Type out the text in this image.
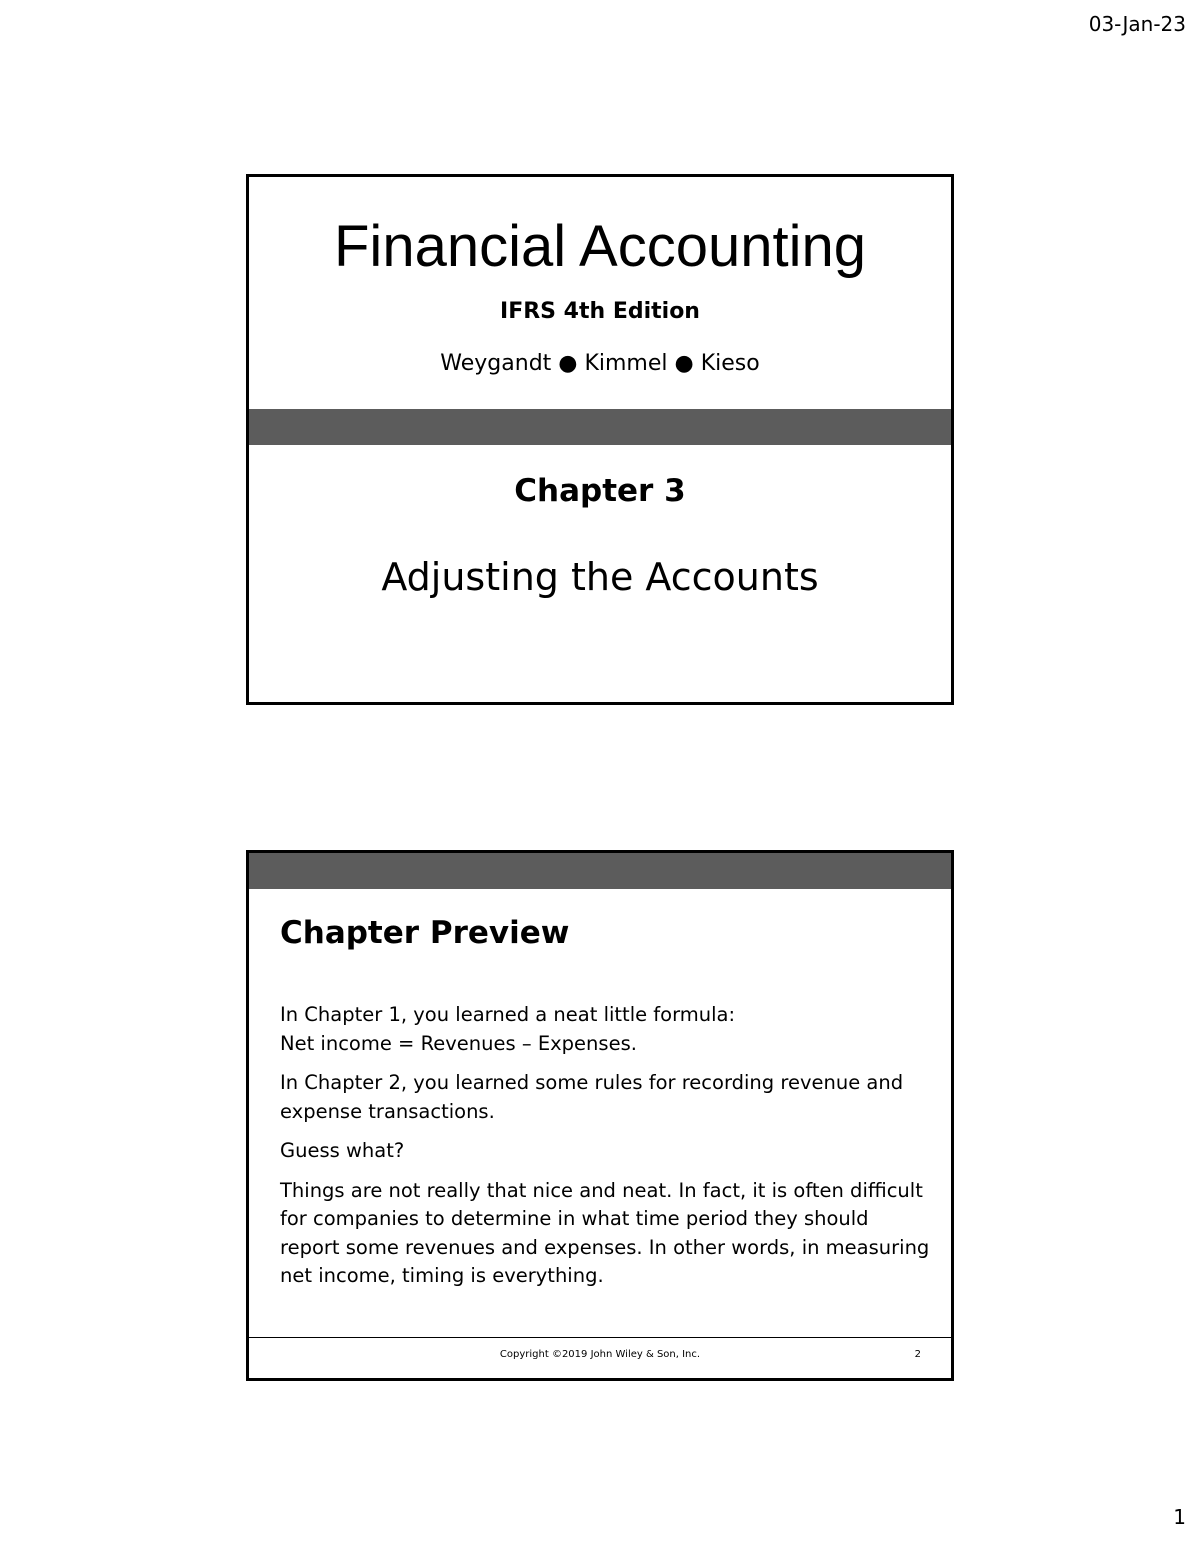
03-Jan-23
Financial Accounting
IFRS 4th Edition
Weygandt ● Kimmel ● Kieso
Chapter 3
Adjusting the Accounts
Chapter Preview

In Chapter 1, you learned a neat little formula:
Net income = Revenues – Expenses.

In Chapter 2, you learned some rules for recording revenue and expense transactions.

Guess what?

Things are not really that nice and neat. In fact, it is often difficult for companies to determine in what time period they should report some revenues and expenses. In other words, in measuring net income, timing is everything.

Copyright ©2019 John Wiley & Son, Inc.	2
1
